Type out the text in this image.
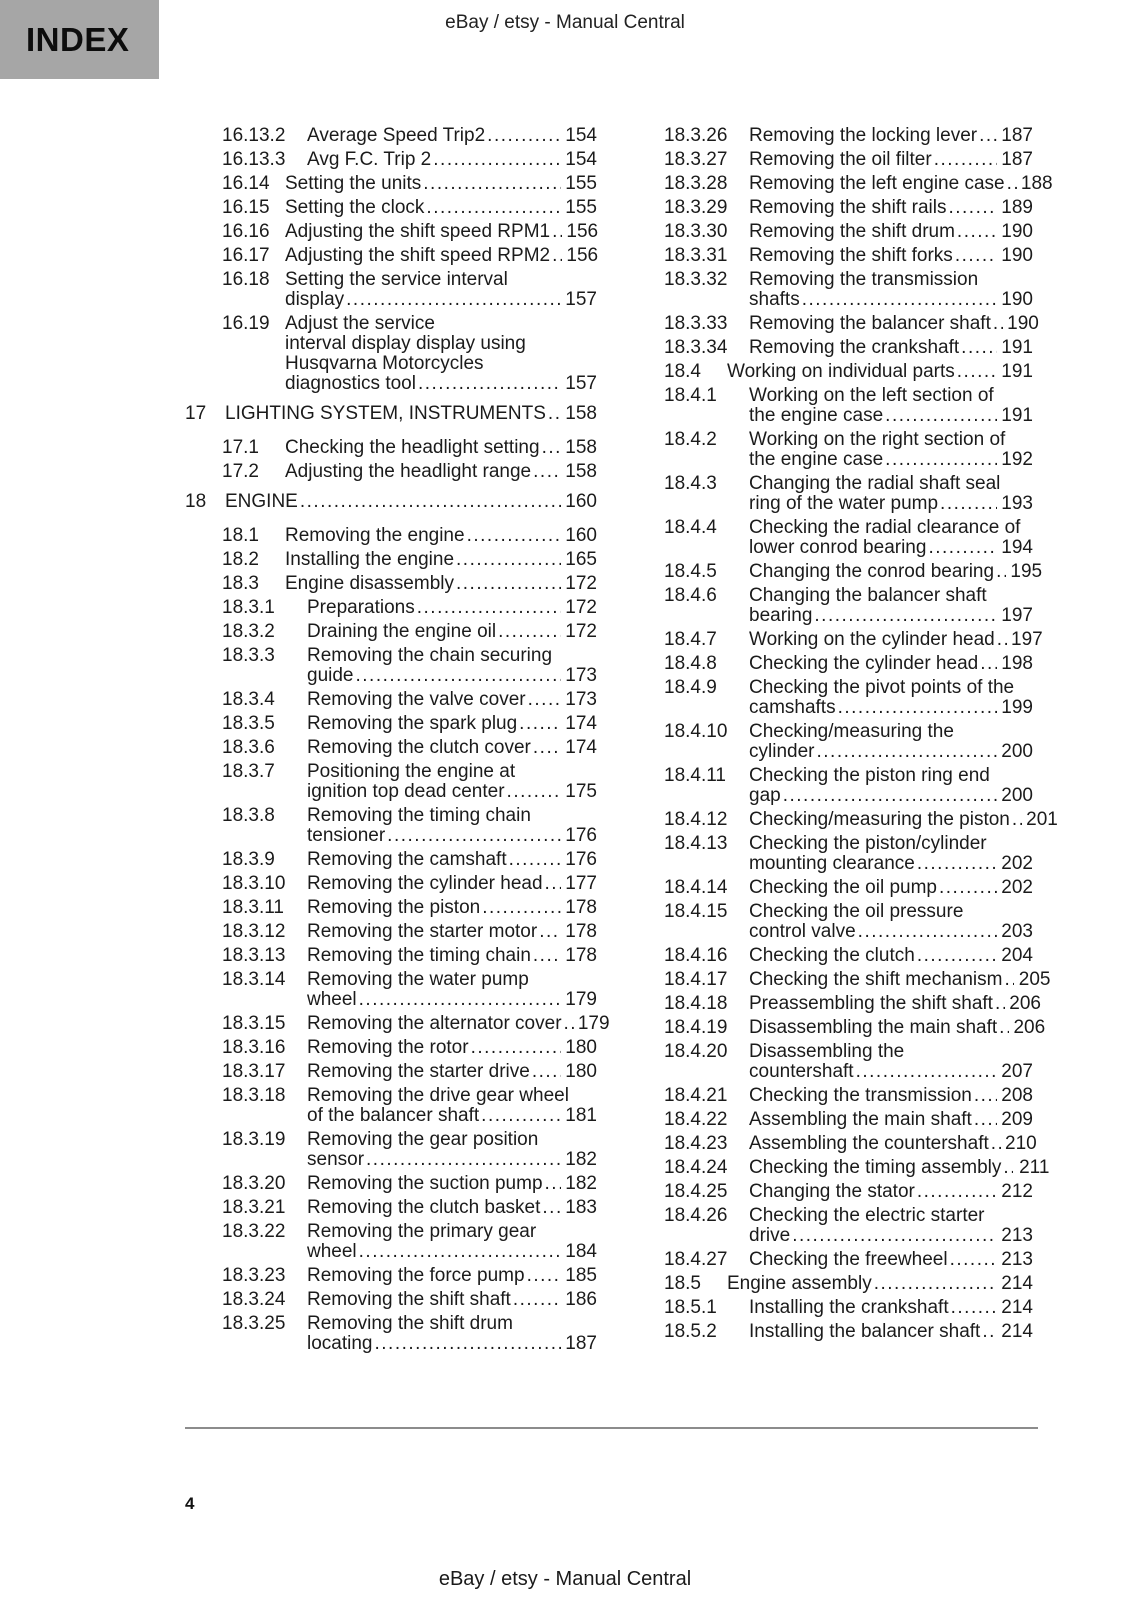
INDEX	eBay / etsy - Manual Central
16.13.2	Average Speed Trip2 .....	154
16.13.3	Avg F.C. Trip 2 .....	154
16.14 Setting the units .....	155
16.15 Setting the clock .....	155
16.16 Adjusting the shift speed RPM1 ..... 156
16.17 Adjusting the shift speed RPM2 ..... 156
16.18 Setting the service interval
display .....	157
16.19 Adjust the service
interval display display using
Husqvarna Motorcycles
diagnostics tool .....	157
17 LIGHTING SYSTEM, INSTRUMENTS ..... 158
17.1	Checking the headlight setting ..... 158
17.2	Adjusting the headlight range ..... 158
18 ENGINE .....	160
18.1	Removing the engine .....	160
18.2	Installing the engine .....	165
18.3	Engine disassembly .....	172
18.3.1	Preparations .....	172
18.3.2	Draining the engine oil .....	172
18.3.3	Removing the chain securing
guide .....	173
18.3.4	Removing the valve cover ..... 173
18.3.5	Removing the spark plug .....	174
18.3.6	Removing the clutch cover ..... 174
18.3.7	Positioning the engine at
ignition top dead center .....	175
18.3.8	Removing the timing chain
tensioner .....	176
18.3.9	Removing the camshaft .....	176
18.3.10	Removing the cylinder head ..... 177
18.3.11	Removing the piston .....	178
18.3.12	Removing the starter motor ..... 178
18.3.13	Removing the timing chain ..... 178
18.3.14	Removing the water pump
wheel .....	179
18.3.15	Removing the alternator cover ..... 179
18.3.16	Removing the rotor .....	180
18.3.17	Removing the starter drive ..... 180
18.3.18	Removing the drive gear wheel
of the balancer shaft .....	181
18.3.19	Removing the gear position
sensor .....	182
18.3.20	Removing the suction pump ..... 182
18.3.21	Removing the clutch basket ..... 183
18.3.22	Removing the primary gear
wheel .....	184
18.3.23	Removing the force pump ..... 185
18.3.24	Removing the shift shaft .....	186
18.3.25	Removing the shift drum
locating .....	187
18.3.26	Removing the locking lever ..... 187
18.3.27	Removing the oil filter .....	187
18.3.28	Removing the left engine case ..... 188
18.3.29	Removing the shift rails .....	189
18.3.30	Removing the shift drum ..... 190
18.3.31	Removing the shift forks .....	190
18.3.32	Removing the transmission
shafts .....	190
18.3.33	Removing the balancer shaft ..... 190
18.3.34	Removing the crankshaft ..... 191
18.4	Working on individual parts ..... 191
18.4.1	Working on the left section of
the engine case .....	191
18.4.2	Working on the right section of
the engine case .....	192
18.4.3	Changing the radial shaft seal
ring of the water pump .....	193
18.4.4	Checking the radial clearance of
lower conrod bearing .....	194
18.4.5	Changing the conrod bearing ..... 195
18.4.6	Changing the balancer shaft
bearing .....	197
18.4.7	Working on the cylinder head ..... 197
18.4.8	Checking the cylinder head ..... 198
18.4.9	Checking the pivot points of the
camshafts .....	199
18.4.10	Checking/measuring the
cylinder .....	200
18.4.11	Checking the piston ring end
gap .....	200
18.4.12	Checking/measuring the piston ..... 201
18.4.13	Checking the piston/cylinder
mounting clearance .....	202
18.4.14	Checking the oil pump .....	202
18.4.15	Checking the oil pressure
control valve .....	203
18.4.16	Checking the clutch .....	204
18.4.17	Checking the shift mechanism ..... 205
18.4.18	Preassembling the shift shaft ..... 206
18.4.19	Disassembling the main shaft ..... 206
18.4.20	Disassembling the
countershaft .....	207
18.4.21	Checking the transmission ..... 208
18.4.22	Assembling the main shaft ..... 209
18.4.23	Assembling the countershaft ..... 210
18.4.24	Checking the timing assembly ..... 211
18.4.25	Changing the stator .....	212
18.4.26	Checking the electric starter
drive .....	213
18.4.27	Checking the freewheel .....	213
18.5	Engine assembly .....	214
18.5.1	Installing the crankshaft .....	214
18.5.2	Installing the balancer shaft ..... 214
4
eBay / etsy - Manual Central
